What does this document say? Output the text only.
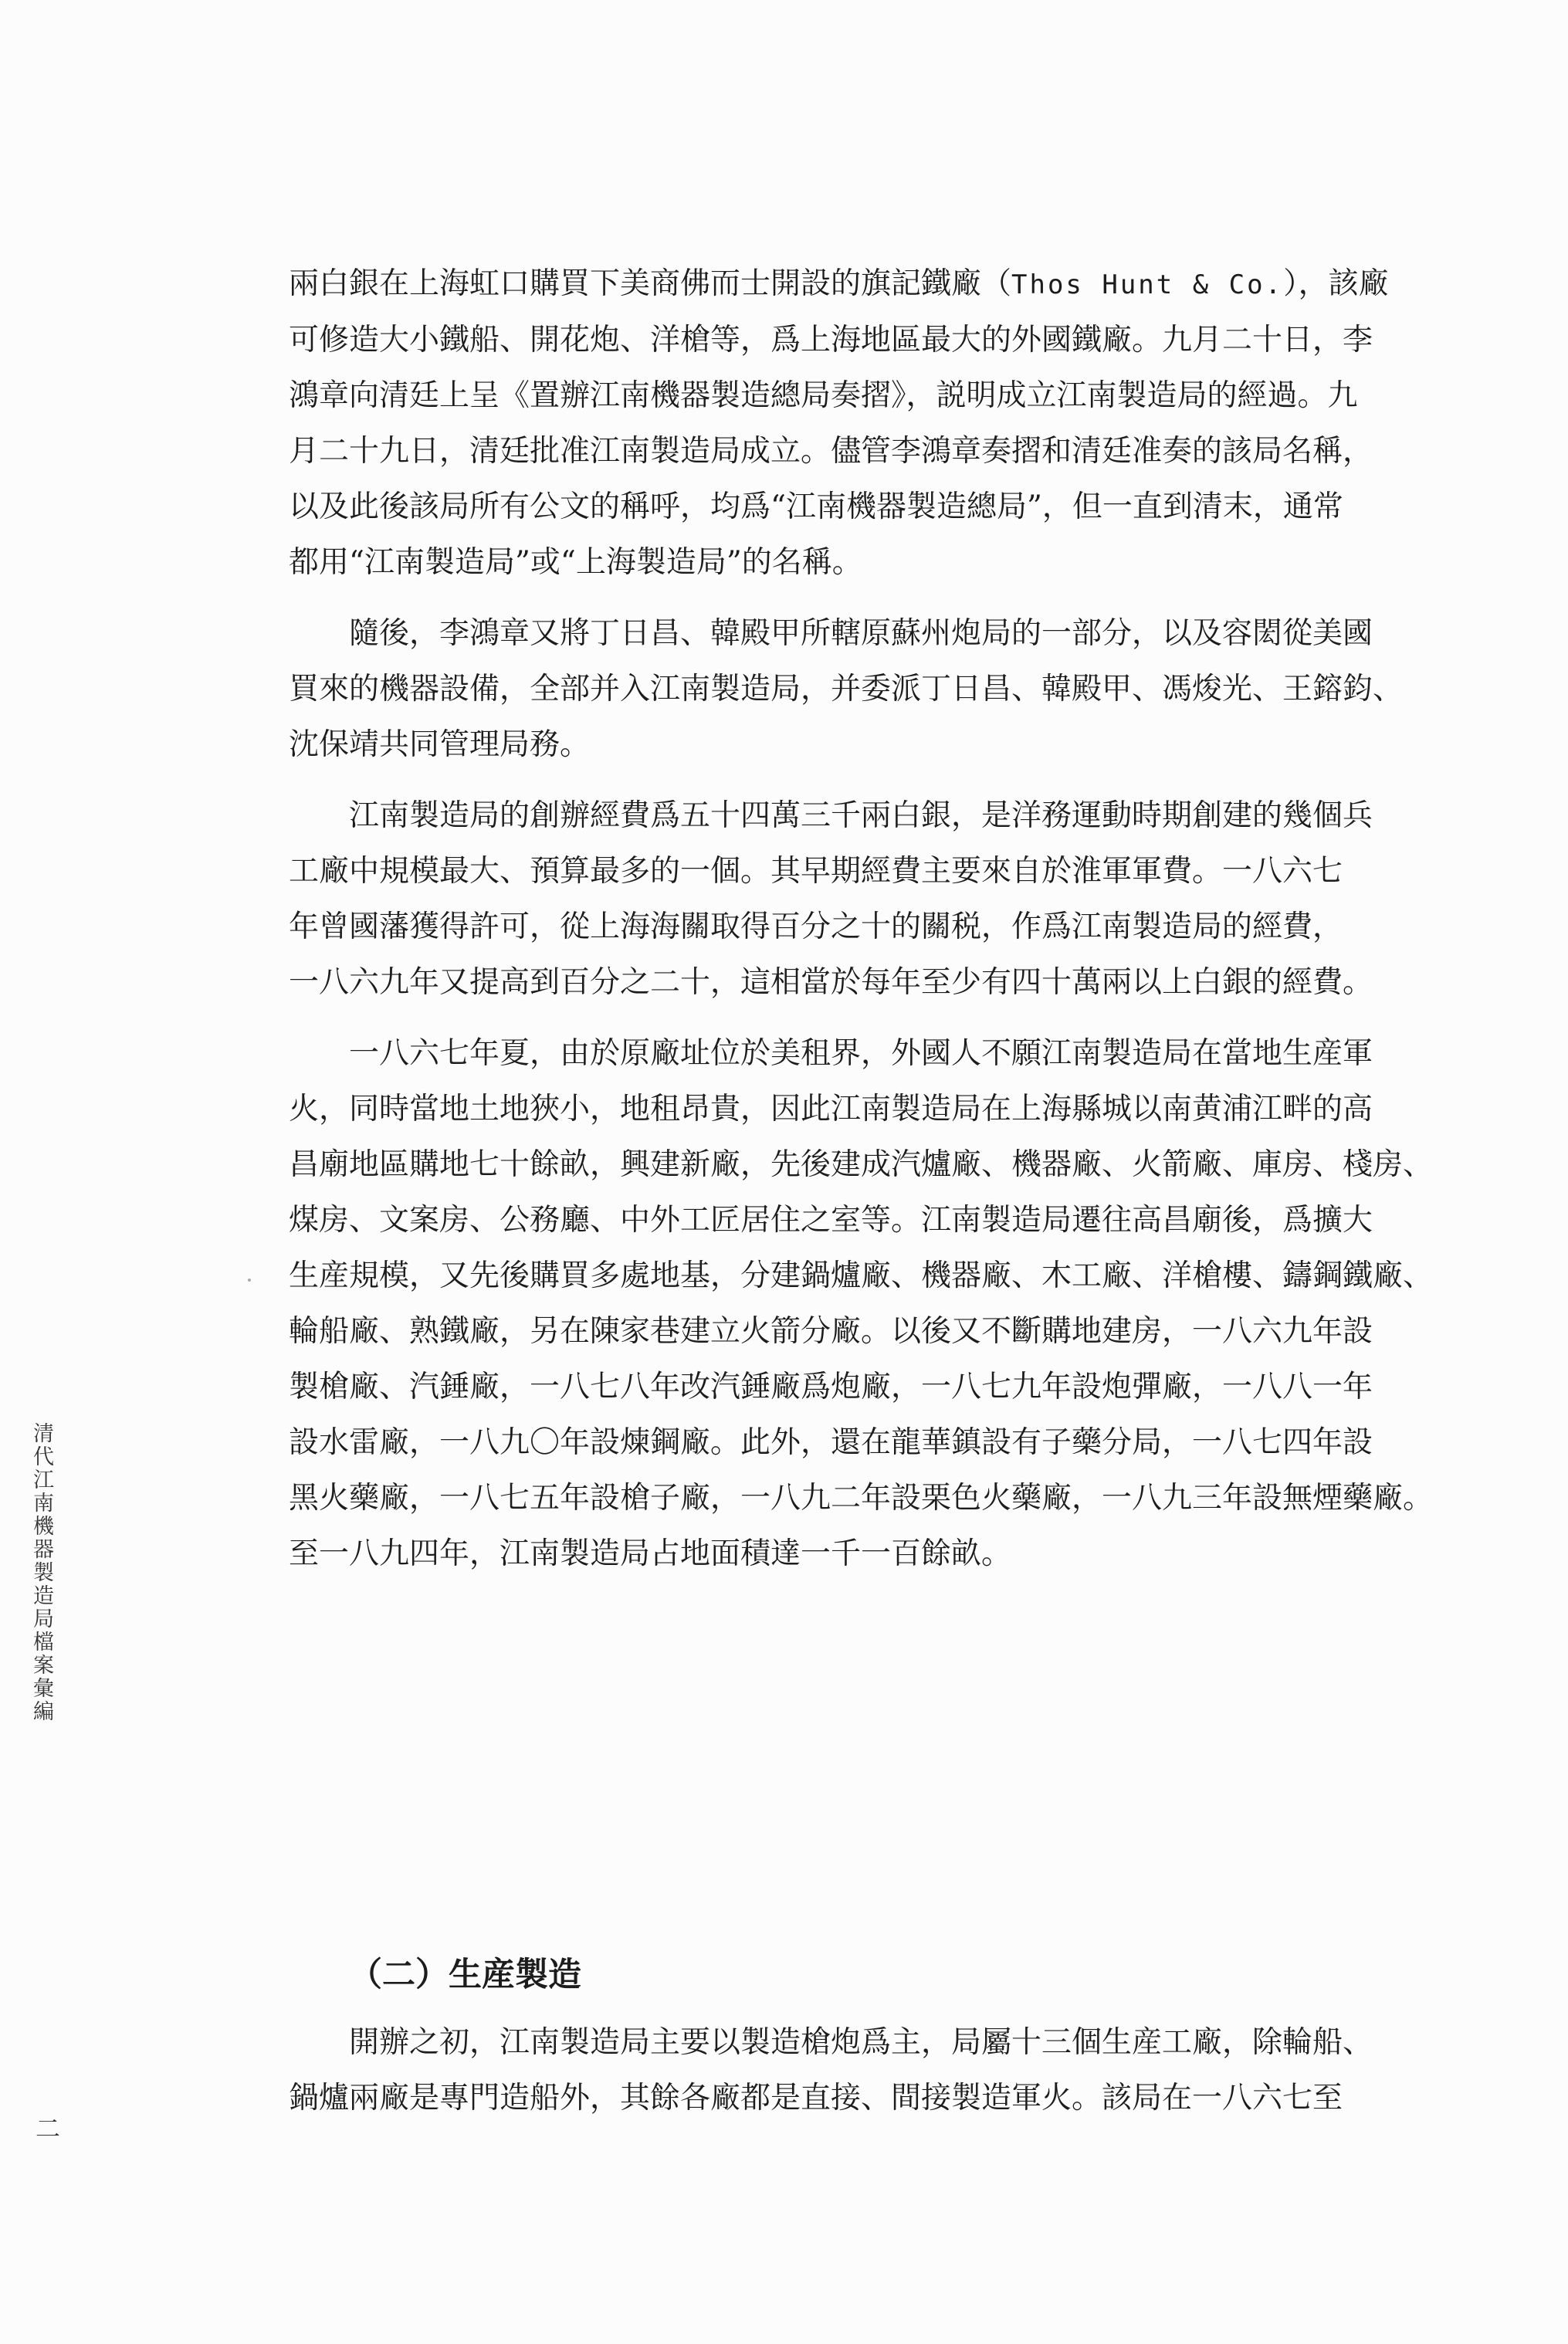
兩白銀在上海虹口購買下美商佛而士開設的旗記鐵廠（Thos Hunt & Co.），該廠
可修造大小鐵船、開花炮、洋槍等，爲上海地區最大的外國鐵廠。九月二十日，李
鴻章向清廷上呈《置辦江南機器製造總局奏摺》，説明成立江南製造局的經過。九
月二十九日，清廷批准江南製造局成立。儘管李鴻章奏摺和清廷准奏的該局名稱，
以及此後該局所有公文的稱呼，均爲“江南機器製造總局”，但一直到清末，通常
都用“江南製造局”或“上海製造局”的名稱。

隨後，李鴻章又將丁日昌、韓殿甲所轄原蘇州炮局的一部分，以及容閎從美國
買來的機器設備，全部并入江南製造局，并委派丁日昌、韓殿甲、馮焌光、王鎔鈞、
沈保靖共同管理局務。

江南製造局的創辦經費爲五十四萬三千兩白銀，是洋務運動時期創建的幾個兵
工廠中規模最大、預算最多的一個。其早期經費主要來自於淮軍軍費。一八六七
年曾國藩獲得許可，從上海海關取得百分之十的關税，作爲江南製造局的經費，
一八六九年又提高到百分之二十，這相當於每年至少有四十萬兩以上白銀的經費。

一八六七年夏，由於原廠址位於美租界，外國人不願江南製造局在當地生産軍
火，同時當地土地狹小，地租昂貴，因此江南製造局在上海縣城以南黄浦江畔的高
昌廟地區購地七十餘畝，興建新廠，先後建成汽爐廠、機器廠、火箭廠、庫房、棧房、
煤房、文案房、公務廳、中外工匠居住之室等。江南製造局遷往高昌廟後，爲擴大
生産規模，又先後購買多處地基，分建鍋爐廠、機器廠、木工廠、洋槍樓、鑄鋼鐵廠、
輪船廠、熟鐵廠，另在陳家巷建立火箭分廠。以後又不斷購地建房，一八六九年設
製槍廠、汽錘廠，一八七八年改汽錘廠爲炮廠，一八七九年設炮彈廠，一八八一年
設水雷廠，一八九〇年設煉鋼廠。此外，還在龍華鎮設有子藥分局，一八七四年設
黑火藥廠，一八七五年設槍子廠，一八九二年設栗色火藥廠，一八九三年設無煙藥廠。
至一八九四年，江南製造局占地面積達一千一百餘畝。

（二）生産製造

開辦之初，江南製造局主要以製造槍炮爲主，局屬十三個生産工廠，除輪船、
鍋爐兩廠是專門造船外，其餘各廠都是直接、間接製造軍火。該局在一八六七至

清代江南機器製造局檔案彙編
二
